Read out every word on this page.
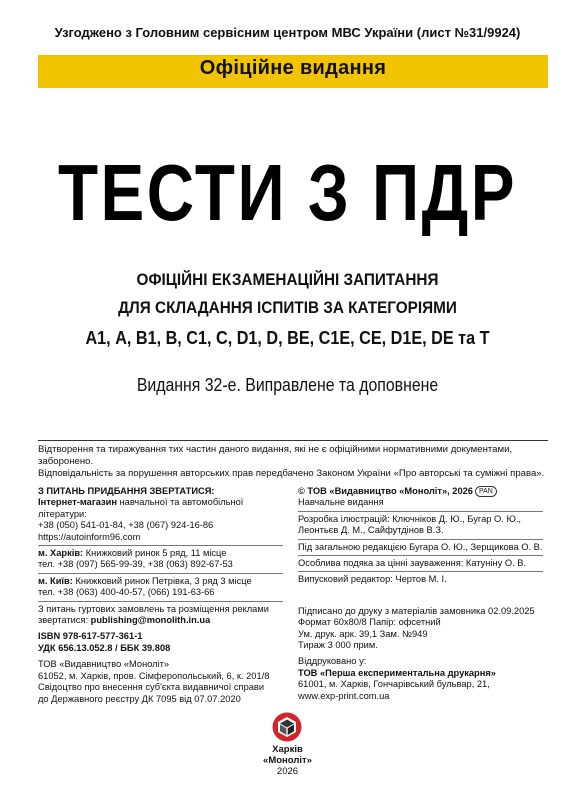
Узгоджено з Головним сервісним центром МВС України (лист №31/9924)
Офіційне видання
ТЕСТИ З ПДР
ОФІЦІЙНІ ЕКЗАМЕНАЦІЙНІ ЗАПИТАННЯ
ДЛЯ СКЛАДАННЯ ІСПИТІВ ЗА КАТЕГОРІЯМИ
А1, А, В1, В, С1, С, D1, D, ВЕ, С1Е, СЕ, D1Е, DЕ та Т
Видання 32-е. Виправлене та доповнене
Відтворення та тиражування тих частин даного видання, які не є офіційними нормативними документами, заборонено.
Відповідальність за порушення авторських прав передбачено Законом України «Про авторські та суміжні права».
З ПИТАНЬ ПРИДБАННЯ ЗВЕРТАТИСЯ:
Інтернет-магазин навчальної та автомобільної літератури:
+38 (050) 541-01-84, +38 (067) 924-16-86
https://autoinform96.com
м. Харків: Книжковий ринок 5 ряд, 11 місце
тел. +38 (097) 565-99-39, +38 (063) 892-67-53
м. Київ: Книжковий ринок Петрівка, 3 ряд 3 місце
тел. +38 (063) 400-40-57, (066) 191-63-66
З питань гуртових замовлень та розміщення реклами
звертатися: publishing@monolith.in.ua
ISBN 978-617-577-361-1
УДК 656.13.052.8 / ББК 39.808
ТОВ «Видавництво «Моноліт»
61052, м. Харків, пров. Сімферопольський, 6, к. 201/8
Свідоцтво про внесення суб'єкта видавничої справи
до Державного реєстру ДК 7095 від 07.07.2020
© ТОВ «Видавництво «Моноліт», 2026 PAN
Навчальне видання
Розробка ілюстрацій: Ключніков Д. Ю., Бугар О. Ю.,
Леонтьєв Д. М., Сайфутдінов В.З.
Під загальною редакцією Бугара О. Ю., Зерщикова О. В.
Особлива подяка за цінні зауваження: Катуніну О. В.
Випусковий редактор: Чертов М. І.
Підписано до друку з матеріалів замовника 02.09.2025
Формат 60х80/8 Папір: офсетний
Ум. друк. арк. 39,1 Зам. №949
Тираж 3 000 прим.
Віддруковано у:
ТОВ «Перша експериментальна друкарня»
61001, м. Харків, Гончарівський бульвар, 21,
www.exp-print.com.ua
Харків
«Моноліт»
2026
